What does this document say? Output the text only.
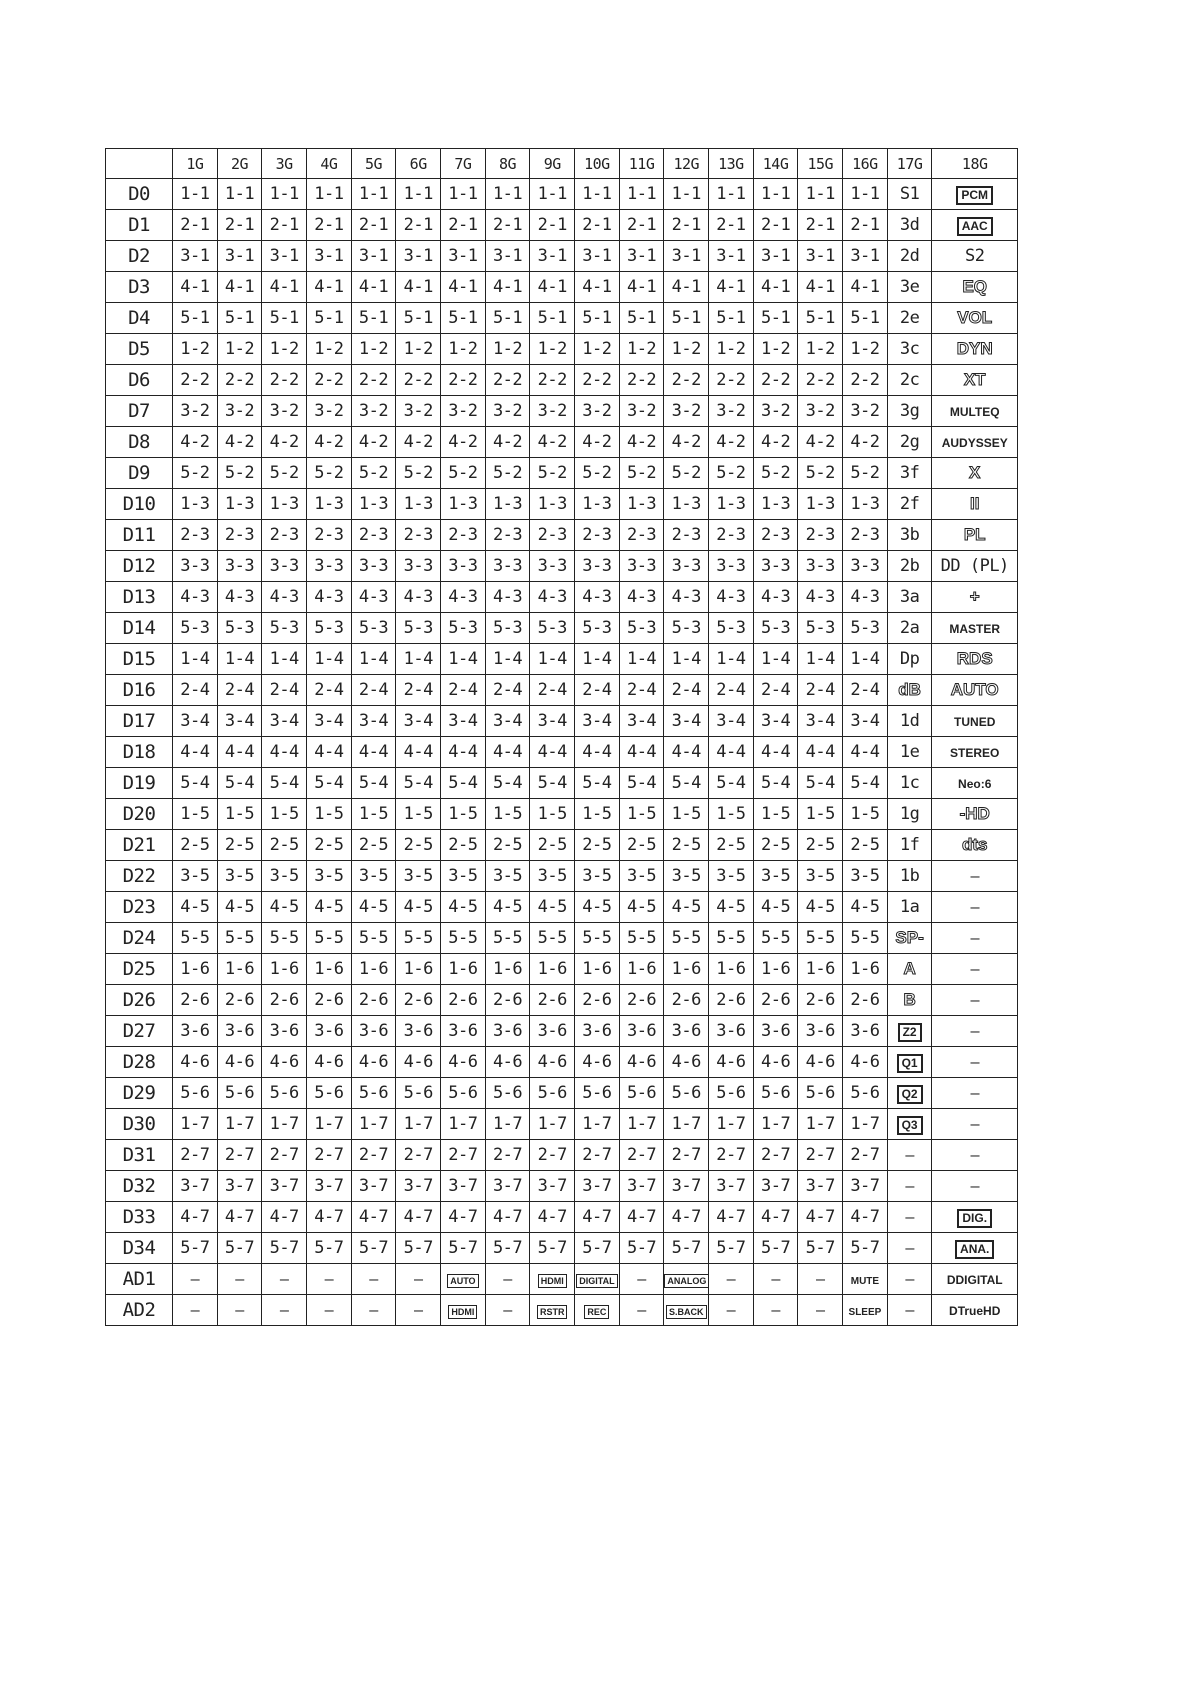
	1G	2G	3G	4G	5G	6G	7G	8G	9G	10G	11G	12G	13G	14G	15G	16G	17G	18G
D0	1-1	1-1	1-1	1-1	1-1	1-1	1-1	1-1	1-1	1-1	1-1	1-1	1-1	1-1	1-1	1-1	S1	PCM
D1	2-1	2-1	2-1	2-1	2-1	2-1	2-1	2-1	2-1	2-1	2-1	2-1	2-1	2-1	2-1	2-1	3d	AAC
D2	3-1	3-1	3-1	3-1	3-1	3-1	3-1	3-1	3-1	3-1	3-1	3-1	3-1	3-1	3-1	3-1	2d	S2
D3	4-1	4-1	4-1	4-1	4-1	4-1	4-1	4-1	4-1	4-1	4-1	4-1	4-1	4-1	4-1	4-1	3e	EQ
D4	5-1	5-1	5-1	5-1	5-1	5-1	5-1	5-1	5-1	5-1	5-1	5-1	5-1	5-1	5-1	5-1	2e	VOL
D5	1-2	1-2	1-2	1-2	1-2	1-2	1-2	1-2	1-2	1-2	1-2	1-2	1-2	1-2	1-2	1-2	3c	DYN
D6	2-2	2-2	2-2	2-2	2-2	2-2	2-2	2-2	2-2	2-2	2-2	2-2	2-2	2-2	2-2	2-2	2c	XT
D7	3-2	3-2	3-2	3-2	3-2	3-2	3-2	3-2	3-2	3-2	3-2	3-2	3-2	3-2	3-2	3-2	3g	MULTEQ
D8	4-2	4-2	4-2	4-2	4-2	4-2	4-2	4-2	4-2	4-2	4-2	4-2	4-2	4-2	4-2	4-2	2g	AUDYSSEY
D9	5-2	5-2	5-2	5-2	5-2	5-2	5-2	5-2	5-2	5-2	5-2	5-2	5-2	5-2	5-2	5-2	3f	X
D10	1-3	1-3	1-3	1-3	1-3	1-3	1-3	1-3	1-3	1-3	1-3	1-3	1-3	1-3	1-3	1-3	2f	II
D11	2-3	2-3	2-3	2-3	2-3	2-3	2-3	2-3	2-3	2-3	2-3	2-3	2-3	2-3	2-3	2-3	3b	PL
D12	3-3	3-3	3-3	3-3	3-3	3-3	3-3	3-3	3-3	3-3	3-3	3-3	3-3	3-3	3-3	3-3	2b	DD (PL)
D13	4-3	4-3	4-3	4-3	4-3	4-3	4-3	4-3	4-3	4-3	4-3	4-3	4-3	4-3	4-3	4-3	3a	+
D14	5-3	5-3	5-3	5-3	5-3	5-3	5-3	5-3	5-3	5-3	5-3	5-3	5-3	5-3	5-3	5-3	2a	MASTER
D15	1-4	1-4	1-4	1-4	1-4	1-4	1-4	1-4	1-4	1-4	1-4	1-4	1-4	1-4	1-4	1-4	Dp	RDS
D16	2-4	2-4	2-4	2-4	2-4	2-4	2-4	2-4	2-4	2-4	2-4	2-4	2-4	2-4	2-4	2-4	dB	AUTO
D17	3-4	3-4	3-4	3-4	3-4	3-4	3-4	3-4	3-4	3-4	3-4	3-4	3-4	3-4	3-4	3-4	1d	TUNED
D18	4-4	4-4	4-4	4-4	4-4	4-4	4-4	4-4	4-4	4-4	4-4	4-4	4-4	4-4	4-4	4-4	1e	STEREO
D19	5-4	5-4	5-4	5-4	5-4	5-4	5-4	5-4	5-4	5-4	5-4	5-4	5-4	5-4	5-4	5-4	1c	Neo:6
D20	1-5	1-5	1-5	1-5	1-5	1-5	1-5	1-5	1-5	1-5	1-5	1-5	1-5	1-5	1-5	1-5	1g	-HD
D21	2-5	2-5	2-5	2-5	2-5	2-5	2-5	2-5	2-5	2-5	2-5	2-5	2-5	2-5	2-5	2-5	1f	dts
D22	3-5	3-5	3-5	3-5	3-5	3-5	3-5	3-5	3-5	3-5	3-5	3-5	3-5	3-5	3-5	3-5	1b	–
D23	4-5	4-5	4-5	4-5	4-5	4-5	4-5	4-5	4-5	4-5	4-5	4-5	4-5	4-5	4-5	4-5	1a	–
D24	5-5	5-5	5-5	5-5	5-5	5-5	5-5	5-5	5-5	5-5	5-5	5-5	5-5	5-5	5-5	5-5	SP-	–
D25	1-6	1-6	1-6	1-6	1-6	1-6	1-6	1-6	1-6	1-6	1-6	1-6	1-6	1-6	1-6	1-6	A	–
D26	2-6	2-6	2-6	2-6	2-6	2-6	2-6	2-6	2-6	2-6	2-6	2-6	2-6	2-6	2-6	2-6	B	–
D27	3-6	3-6	3-6	3-6	3-6	3-6	3-6	3-6	3-6	3-6	3-6	3-6	3-6	3-6	3-6	3-6	Z2	–
D28	4-6	4-6	4-6	4-6	4-6	4-6	4-6	4-6	4-6	4-6	4-6	4-6	4-6	4-6	4-6	4-6	Q1	–
D29	5-6	5-6	5-6	5-6	5-6	5-6	5-6	5-6	5-6	5-6	5-6	5-6	5-6	5-6	5-6	5-6	Q2	–
D30	1-7	1-7	1-7	1-7	1-7	1-7	1-7	1-7	1-7	1-7	1-7	1-7	1-7	1-7	1-7	1-7	Q3	–
D31	2-7	2-7	2-7	2-7	2-7	2-7	2-7	2-7	2-7	2-7	2-7	2-7	2-7	2-7	2-7	2-7	–	–
D32	3-7	3-7	3-7	3-7	3-7	3-7	3-7	3-7	3-7	3-7	3-7	3-7	3-7	3-7	3-7	3-7	–	–
D33	4-7	4-7	4-7	4-7	4-7	4-7	4-7	4-7	4-7	4-7	4-7	4-7	4-7	4-7	4-7	4-7	–	DIG.
D34	5-7	5-7	5-7	5-7	5-7	5-7	5-7	5-7	5-7	5-7	5-7	5-7	5-7	5-7	5-7	5-7	–	ANA.
AD1	–	–	–	–	–	–	AUTO	–	HDMI	DIGITAL	–	ANALOG	–	–	–	MUTE	–	DDIGITAL
AD2	–	–	–	–	–	–	HDMI	–	RSTR	REC	–	S.BACK	–	–	–	SLEEP	–	DTrueHD
